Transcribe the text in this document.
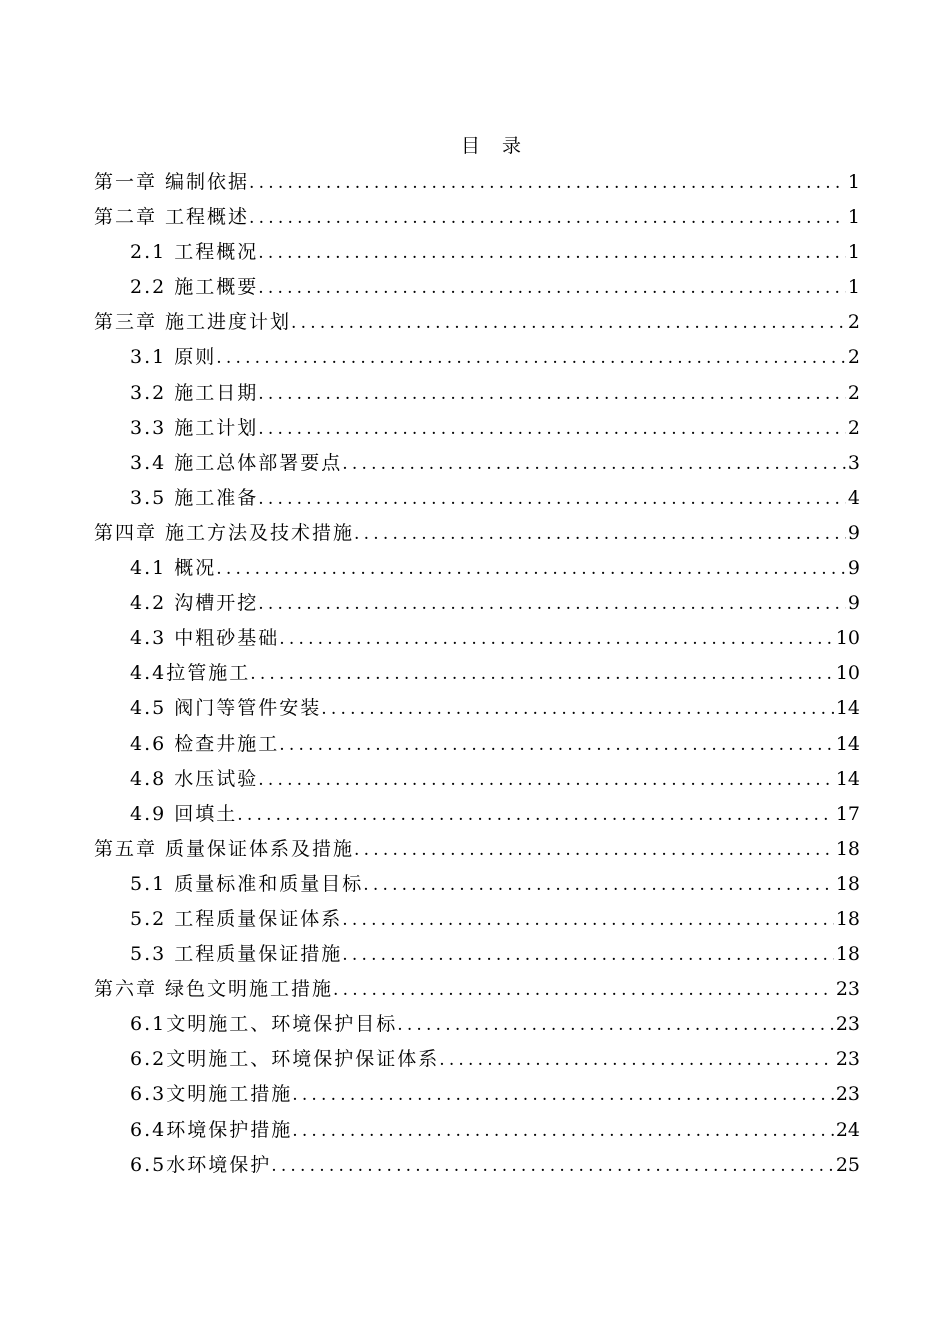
目 录
第一章 编制依据 .....	1
第二章 工程概述 .....	1
2.1 工程概况 .....	1
2.2 施工概要 .....	1
第三章 施工进度计划 .....	2
3.1 原则 .....	2
3.2 施工日期 .....	2
3.3 施工计划 .....	2
3.4 施工总体部署要点 .....	3
3.5 施工准备 .....	4
第四章 施工方法及技术措施 .....	9
4.1 概况 .....	9
4.2 沟槽开挖 .....	9
4.3 中粗砂基础 .....	10
4.4拉管施工 .....	10
4.5 阀门等管件安装 .....	14
4.6 检查井施工 .....	14
4.8 水压试验 .....	14
4.9 回填土 .....	17
第五章 质量保证体系及措施 .....	18
5.1 质量标准和质量目标 .....	18
5.2 工程质量保证体系 .....	18
5.3 工程质量保证措施 .....	18
第六章 绿色文明施工措施 .....	23
6.1文明施工、环境保护目标 .....	23
6.2文明施工、环境保护保证体系 .....	23
6.3文明施工措施 .....	23
6.4环境保护措施 .....	24
6.5水环境保护 .....	25
